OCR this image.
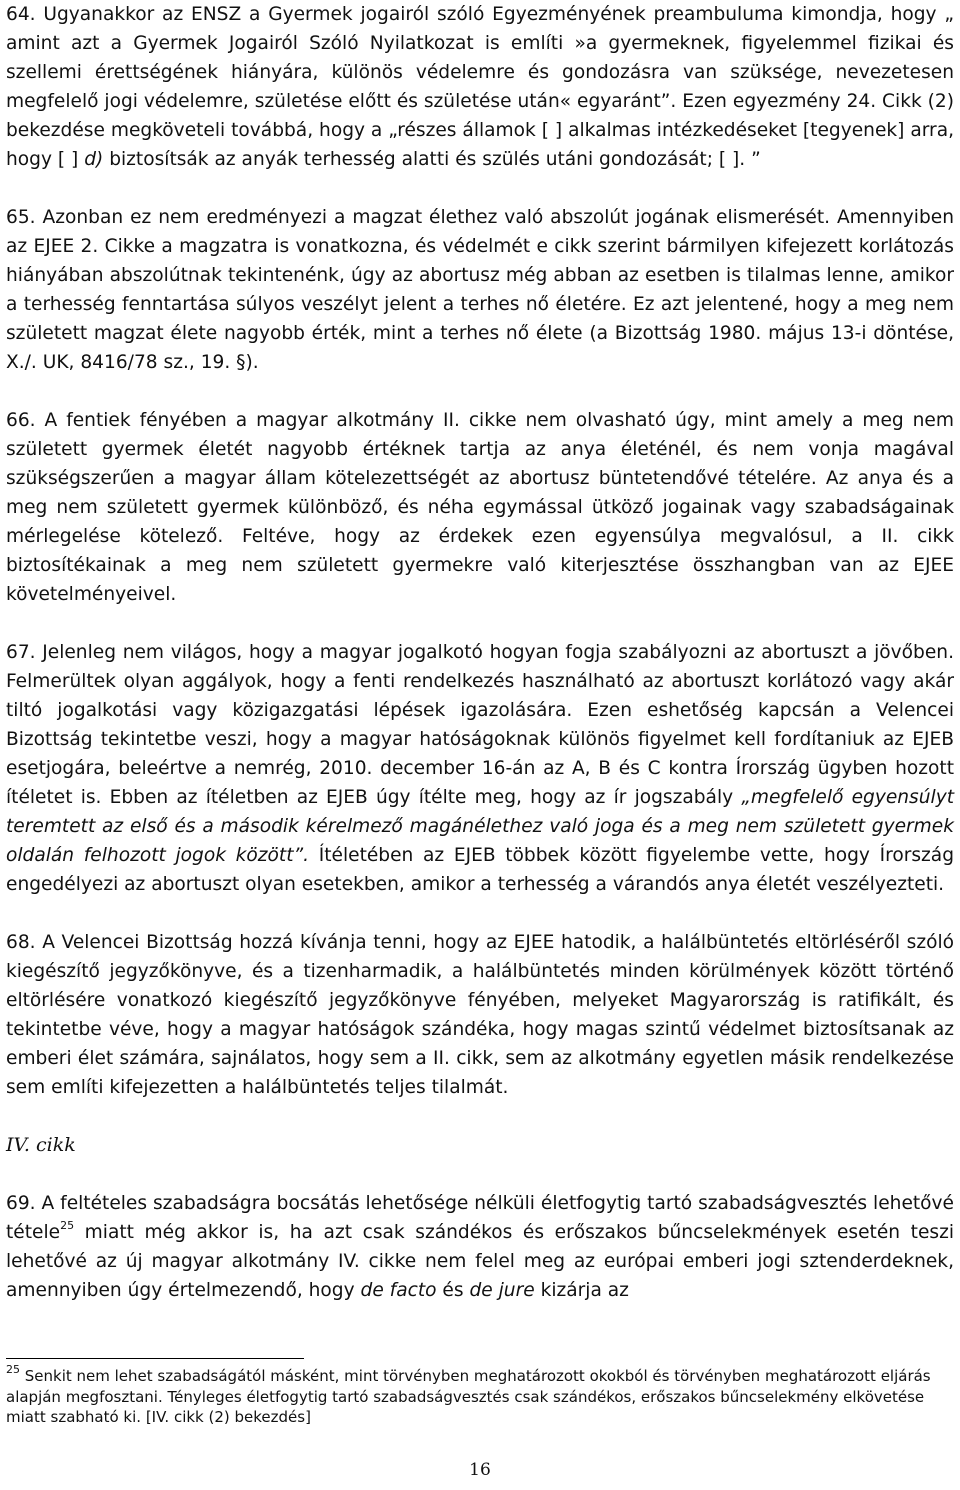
64. Ugyanakkor az ENSZ a Gyermek jogairól szóló Egyezményének preambuluma kimondja, hogy „ amint azt a Gyermek Jogairól Szóló Nyilatkozat is említi »a gyermeknek, figyelemmel fizikai és szellemi érettségének hiányára, különös védelemre és gondozásra van szüksége, nevezetesen megfelelő jogi védelemre, születése előtt és születése után« egyaránt”. Ezen egyezmény 24. Cikk (2) bekezdése megköveteli továbbá, hogy a „részes államok [ ] alkalmas intézkedéseket [tegyenek] arra, hogy [ ] d) biztosítsák az anyák terhesség alatti és szülés utáni gondozását; [ ]. ”

65. Azonban ez nem eredményezi a magzat élethez való abszolút jogának elismerését. Amennyiben az EJEE 2. Cikke a magzatra is vonatkozna, és védelmét e cikk szerint bármilyen kifejezett korlátozás hiányában abszolútnak tekintenénk, úgy az abortusz még abban az esetben is tilalmas lenne, amikor a terhesség fenntartása súlyos veszélyt jelent a terhes nő életére. Ez azt jelentené, hogy a meg nem született magzat élete nagyobb érték, mint a terhes nő élete (a Bizottság 1980. május 13-i döntése, X./. UK, 8416/78 sz., 19. §).

66. A fentiek fényében a magyar alkotmány II. cikke nem olvasható úgy, mint amely a meg nem született gyermek életét nagyobb értéknek tartja az anya életénél, és nem vonja magával szükségszerűen a magyar állam kötelezettségét az abortusz büntetendővé tételére. Az anya és a meg nem született gyermek különböző, és néha egymással ütköző jogainak vagy szabadságainak mérlegelése kötelező. Feltéve, hogy az érdekek ezen egyensúlya megvalósul, a II. cikk biztosítékainak a meg nem született gyermekre való kiterjesztése összhangban van az EJEE követelményeivel.

67. Jelenleg nem világos, hogy a magyar jogalkotó hogyan fogja szabályozni az abortuszt a jövőben. Felmerültek olyan aggályok, hogy a fenti rendelkezés használható az abortuszt korlátozó vagy akár tiltó jogalkotási vagy közigazgatási lépések igazolására. Ezen eshetőség kapcsán a Velencei Bizottság tekintetbe veszi, hogy a magyar hatóságoknak különös figyelmet kell fordítaniuk az EJEB esetjogára, beleértve a nemrég, 2010. december 16-án az A, B és C kontra Írország ügyben hozott ítéletet is. Ebben az ítéletben az EJEB úgy ítélte meg, hogy az ír jogszabály „megfelelő egyensúlyt teremtett az első és a második kérelmező magánélethez való joga és a meg nem született gyermek oldalán felhozott jogok között”. Ítéletében az EJEB többek között figyelembe vette, hogy Írország engedélyezi az abortuszt olyan esetekben, amikor a terhesség a várandós anya életét veszélyezteti.

68. A Velencei Bizottság hozzá kívánja tenni, hogy az EJEE hatodik, a halálbüntetés eltörléséről szóló kiegészítő jegyzőkönyve, és a tizenharmadik, a halálbüntetés minden körülmények között történő eltörlésére vonatkozó kiegészítő jegyzőkönyve fényében, melyeket Magyarország is ratifikált, és tekintetbe véve, hogy a magyar hatóságok szándéka, hogy magas szintű védelmet biztosítsanak az emberi élet számára, sajnálatos, hogy sem a II. cikk, sem az alkotmány egyetlen másik rendelkezése sem említi kifejezetten a halálbüntetés teljes tilalmát.

IV. cikk

69. A feltételes szabadságra bocsátás lehetősége nélküli életfogytig tartó szabadságvesztés lehetővé tétele$^{25}$ miatt még akkor is, ha azt csak szándékos és erőszakos bűncselekmények esetén teszi lehetővé az új magyar alkotmány IV. cikke nem felel meg az európai emberi jogi sztenderdeknek, amennyiben úgy értelmezendő, hogy de facto és de jure kizárja az

$^{25}$ Senkit nem lehet szabadságától másként, mint törvényben meghatározott okokból és törvényben meghatározott eljárás alapján megfosztani. Tényleges életfogytig tartó szabadságvesztés csak szándékos, erőszakos bűncselekmény elkövetése miatt szabható ki. [IV. cikk (2) bekezdés]
16
